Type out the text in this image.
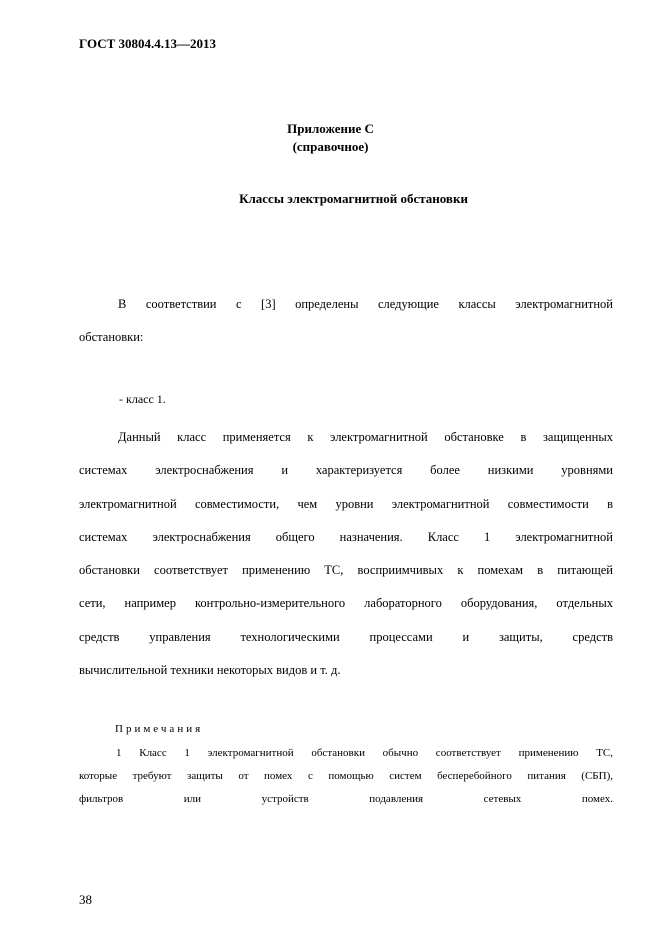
ГОСТ 30804.4.13—2013
Приложение С
(справочное)
Классы электромагнитной обстановки
В соответствии с [3] определены следующие классы электромагнитной
обстановки:
- класс 1.
Данный класс применяется к электромагнитной обстановке в защищенных
системах электроснабжения и характеризуется более низкими уровнями
электромагнитной совместимости, чем уровни электромагнитной совместимости в
системах электроснабжения общего назначения. Класс 1 электромагнитной
обстановки соответствует применению ТС, восприимчивых к помехам в питающей
сети, например контрольно-измерительного лабораторного оборудования, отдельных
средств управления технологическими процессами и защиты, средств
вычислительной техники некоторых видов и т. д.
Примечания
1 Класс 1 электромагнитной обстановки обычно соответствует применению ТС,
которые требуют защиты от помех с помощью систем бесперебойного питания (СБП),
фильтров или устройств подавления сетевых помех.
38
